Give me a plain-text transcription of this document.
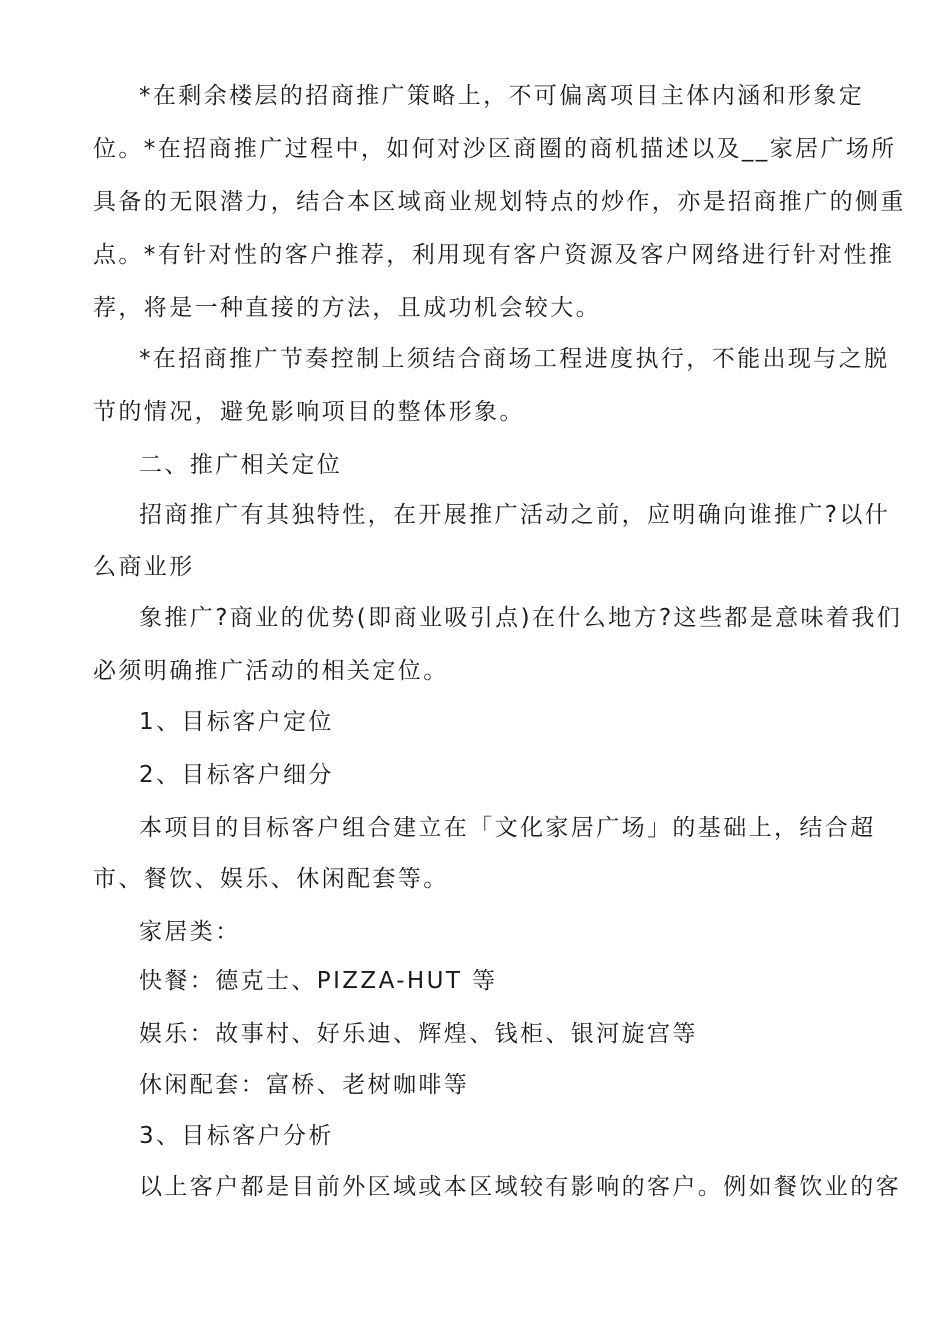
*在剩余楼层的招商推广策略上，不可偏离项目主体内涵和形象定
位。*在招商推广过程中，如何对沙区商圈的商机描述以及__家居广场所
具备的无限潜力，结合本区域商业规划特点的炒作，亦是招商推广的侧重
点。*有针对性的客户推荐，利用现有客户资源及客户网络进行针对性推
荐，将是一种直接的方法，且成功机会较大。
*在招商推广节奏控制上须结合商场工程进度执行，不能出现与之脱
节的情况，避免影响项目的整体形象。
二、推广相关定位
招商推广有其独特性，在开展推广活动之前，应明确向谁推广?以什
么商业形
象推广?商业的优势(即商业吸引点)在什么地方?这些都是意味着我们
必须明确推广活动的相关定位。
1、目标客户定位
2、目标客户细分
本项目的目标客户组合建立在「文化家居广场」的基础上，结合超
市、餐饮、娱乐、休闲配套等。
家居类：
快餐：德克士、PIZZA-HUT 等
娱乐：故事村、好乐迪、辉煌、钱柜、银河旋宫等
休闲配套：富桥、老树咖啡等
3、目标客户分析
以上客户都是目前外区域或本区域较有影响的客户。例如餐饮业的客
